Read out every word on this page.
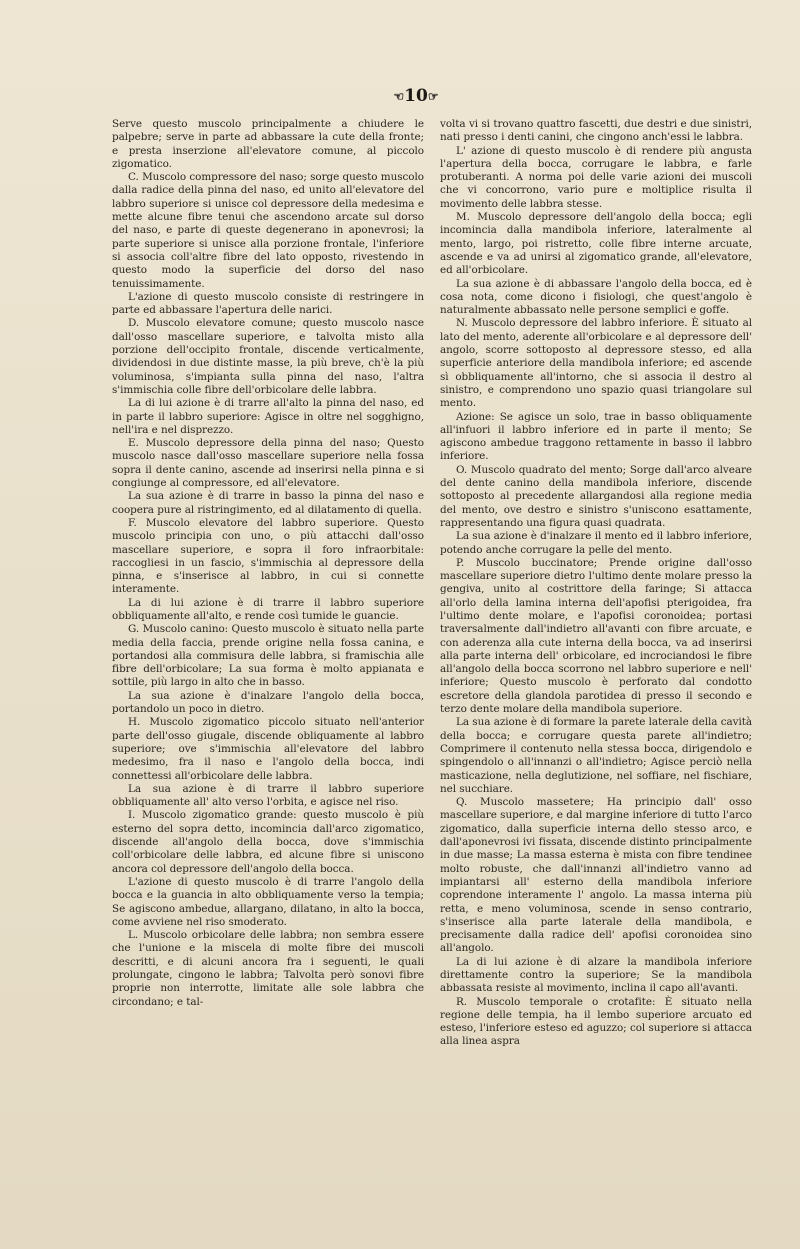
☜10☞

Serve questo muscolo principalmente a chiudere le palpebre; serve in parte ad abbassare la cute della fronte; e presta inserzione all'elevatore comune, al piccolo zigomatico.

C. Muscolo compressore del naso; sorge questo muscolo dalla radice della pinna del naso, ed unito all'elevatore del labbro superiore si unisce col depressore della medesima e mette alcune fibre tenui che ascendono arcate sul dorso del naso, e parte di queste degenerano in aponevrosi; la parte superiore si unisce alla porzione frontale, l'inferiore si associa coll'altre fibre del lato opposto, rivestendo in questo modo la superficie del dorso del naso tenuissimamente.

L'azione di questo muscolo consiste di restringere in parte ed abbassare l'apertura delle narici.

D. Muscolo elevatore comune; questo muscolo nasce dall'osso mascellare superiore, e talvolta misto alla porzione dell'occipito frontale, discende verticalmente, dividendosi in due distinte masse, la più breve, ch'è la più voluminosa, s'impianta sulla pinna del naso, l'altra s'immischia colle fibre dell'orbicolare delle labbra.

La di lui azione è di trarre all'alto la pinna del naso, ed in parte il labbro superiore: Agisce in oltre nel sogghigno, nell'ira e nel disprezzo.

E. Muscolo depressore della pinna del naso; Questo muscolo nasce dall'osso mascellare superiore nella fossa sopra il dente canino, ascende ad inserirsi nella pinna e si congiunge al compressore, ed all'elevatore.

La sua azione è di trarre in basso la pinna del naso e coopera pure al ristringimento, ed al dilatamento di quella.

F. Muscolo elevatore del labbro superiore. Questo muscolo principia con uno, o più attacchi dall'osso mascellare superiore, e sopra il foro infraorbitale: raccogliesi in un fascio, s'immischia al depressore della pinna, e s'inserisce al labbro, in cui si connette interamente.

La di lui azione è di trarre il labbro superiore obbliquamente all'alto, e rende così tumide le guancie.

G. Muscolo canino: Questo muscolo è situato nella parte media della faccia, prende origine nella fossa canina, e portandosi alla commisura delle labbra, si framischia alle fibre dell'orbicolare; La sua forma è molto appianata e sottile, più largo in alto che in basso.

La sua azione è d'inalzare l'angolo della bocca, portandolo un poco in dietro.

H. Muscolo zigomatico piccolo situato nell'anterior parte dell'osso giugale, discende obliquamente al labbro superiore; ove s'immischia all'elevatore del labbro medesimo, fra il naso e l'angolo della bocca, indi connettessi all'orbicolare delle labbra.

La sua azione è di trarre il labbro superiore obbliquamente all' alto verso l'orbita, e agisce nel riso.

I. Muscolo zigomatico grande: questo muscolo è più esterno del sopra detto, incomincia dall'arco zigomatico, discende all'angolo della bocca, dove s'immischia coll'orbicolare delle labbra, ed alcune fibre si uniscono ancora col depressore dell'angolo della bocca.

L'azione di questo muscolo è di trarre l'angolo della bocca e la guancia in alto obbliquamente verso la tempia; Se agiscono ambedue, allargano, dilatano, in alto la bocca, come avviene nel riso smoderato.

L. Muscolo orbicolare delle labbra; non sembra essere che l'unione e la miscela di molte fibre dei muscoli descritti, e di alcuni ancora fra i seguenti, le quali prolungate, cingono le labbra; Talvolta però sonovi fibre proprie non interrotte, limitate alle sole labbra che circondano; e tal-

volta vi si trovano quattro fascetti, due destri e due sinistri, nati presso i denti canini, che cingono anch'essi le labbra.

L' azione di questo muscolo è di rendere più angusta l'apertura della bocca, corrugare le labbra, e farle protuberanti. A norma poi delle varie azioni dei muscoli che vi concorrono, vario pure e moltiplice risulta il movimento delle labbra stesse.

M. Muscolo depressore dell'angolo della bocca; egli incomincia dalla mandibola inferiore, lateralmente al mento, largo, poi ristretto, colle fibre interne arcuate, ascende e va ad unirsi al zigomatico grande, all'elevatore, ed all'orbicolare.

La sua azione è di abbassare l'angolo della bocca, ed è cosa nota, come dicono i fisiologi, che quest'angolo è naturalmente abbassato nelle persone semplici e goffe.

N. Muscolo depressore del labbro inferiore. È situato al lato del mento, aderente all'orbicolare e al depressore dell' angolo, scorre sottoposto al depressore stesso, ed alla superficie anteriore della mandibola inferiore; ed ascende sì obbliquamente all'intorno, che si associa il destro al sinistro, e comprendono uno spazio quasi triangolare sul mento.

Azione: Se agisce un solo, trae in basso obliquamente all'infuori il labbro inferiore ed in parte il mento; Se agiscono ambedue traggono rettamente in basso il labbro inferiore.

O. Muscolo quadrato del mento; Sorge dall'arco alveare del dente canino della mandibola inferiore, discende sottoposto al precedente allargandosi alla regione media del mento, ove destro e sinistro s'uniscono esattamente, rappresentando una figura quasi quadrata.

La sua azione è d'inalzare il mento ed il labbro inferiore, potendo anche corrugare la pelle del mento.

P. Muscolo buccinatore; Prende origine dall'osso mascellare superiore dietro l'ultimo dente molare presso la gengiva, unito al costrittore della faringe; Si attacca all'orlo della lamina interna dell'apofisi pterigoidea, fra l'ultimo dente molare, e l'apofisi coronoidea; portasi traversalmente dall'indietro all'avanti con fibre arcuate, e con aderenza alla cute interna della bocca, va ad inserirsi alla parte interna dell' orbicolare, ed incrociandosi le fibre all'angolo della bocca scorrono nel labbro superiore e nell' inferiore; Questo muscolo è perforato dal condotto escretore della glandola parotidea di presso il secondo e terzo dente molare della mandibola superiore.

La sua azione è di formare la parete laterale della cavità della bocca; e corrugare questa parete all'indietro; Comprimere il contenuto nella stessa bocca, dirigendolo e spingendolo o all'innanzi o all'indietro; Agisce perciò nella masticazione, nella deglutizione, nel soffiare, nel fischiare, nel succhiare.

Q. Muscolo massetere; Ha principio dall' osso mascellare superiore, e dal margine inferiore di tutto l'arco zigomatico, dalla superficie interna dello stesso arco, e dall'aponevrosi ivi fissata, discende distinto principalmente in due masse; La massa esterna è mista con fibre tendinee molto robuste, che dall'innanzi all'indietro vanno ad impiantarsi all' esterno della mandibola inferiore coprendone interamente l' angolo. La massa interna più retta, e meno voluminosa, scende in senso contrario, s'inserisce alla parte laterale della mandibola, e precisamente dalla radice dell' apofisi coronoidea sino all'angolo.

La di lui azione è di alzare la mandibola inferiore direttamente contro la superiore; Se la mandibola abbassata resiste al movimento, inclina il capo all'avanti.

R. Muscolo temporale o crotafite: È situato nella regione delle tempia, ha il lembo superiore arcuato ed esteso, l'inferiore esteso ed aguzzo; col superiore si attacca alla linea aspra
